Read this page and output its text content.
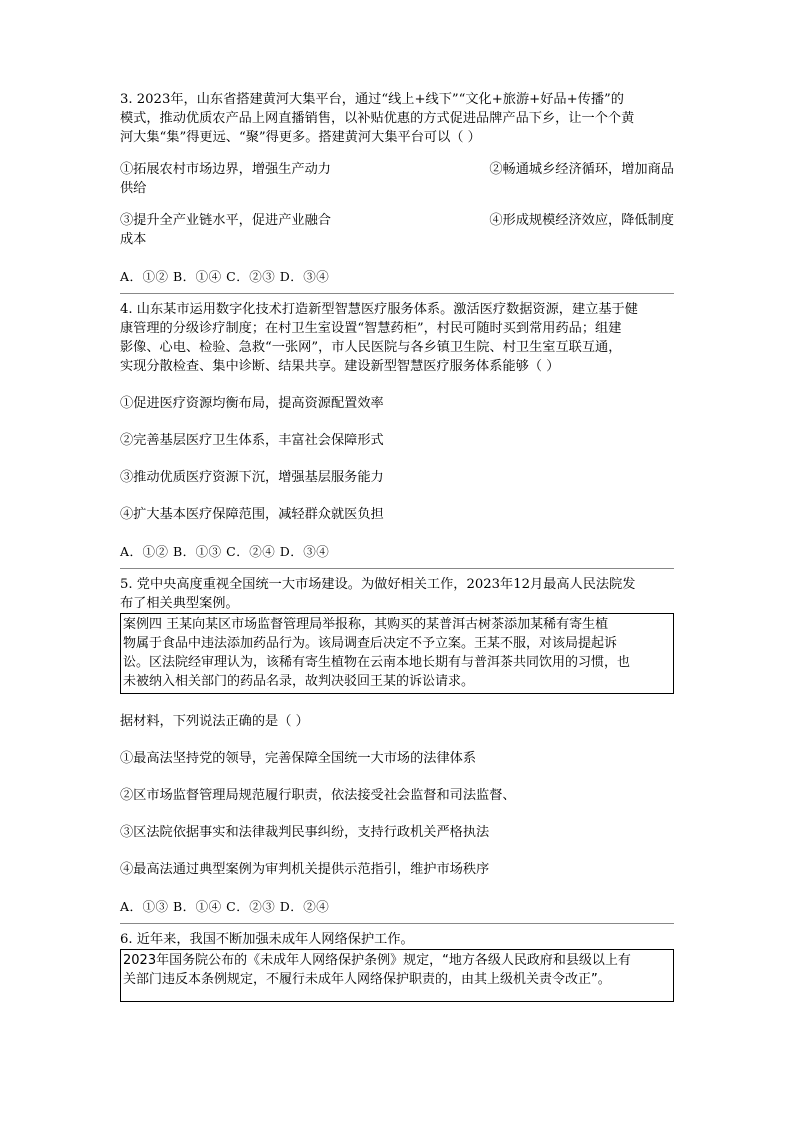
3. 2023年，山东省搭建黄河大集平台，通过“线上+线下”“文化+旅游+好品+传播”的
模式，推动优质农产品上网直播销售，以补贴优惠的方式促进品牌产品下乡，让一个个黄
河大集“集”得更远、“聚”得更多。搭建黄河大集平台可以（ ）
①拓展农村市场边界，增强生产动力	②畅通城乡经济循环，增加商品
供给
③提升全产业链水平，促进产业融合	④形成规模经济效应，降低制度
成本
A．①② B．①④ C．②③ D．③④
4. 山东某市运用数字化技术打造新型智慧医疗服务体系。激活医疗数据资源，建立基于健
康管理的分级诊疗制度；在村卫生室设置“智慧药柜”，村民可随时买到常用药品；组建
影像、心电、检验、急救“一张网”，市人民医院与各乡镇卫生院、村卫生室互联互通，
实现分散检查、集中诊断、结果共享。建设新型智慧医疗服务体系能够（ ）
①促进医疗资源均衡布局，提高资源配置效率
②完善基层医疗卫生体系，丰富社会保障形式
③推动优质医疗资源下沉，增强基层服务能力
④扩大基本医疗保障范围，减轻群众就医负担
A．①② B．①③ C．②④ D．③④
5. 党中央高度重视全国统一大市场建设。为做好相关工作，2023年12月最高人民法院发
布了相关典型案例。
案例四 王某向某区市场监督管理局举报称，其购买的某普洱古树茶添加某稀有寄生植
物属于食品中违法添加药品行为。该局调查后决定不予立案。王某不服，对该局提起诉
讼。区法院经审理认为，该稀有寄生植物在云南本地长期有与普洱茶共同饮用的习惯，也
未被纳入相关部门的药品名录，故判决驳回王某的诉讼请求。
据材料，下列说法正确的是（ ）
①最高法坚持党的领导，完善保障全国统一大市场的法律体系
②区市场监督管理局规范履行职责，依法接受社会监督和司法监督、
③区法院依据事实和法律裁判民事纠纷，支持行政机关严格执法
④最高法通过典型案例为审判机关提供示范指引，维护市场秩序
A．①③ B．①④ C．②③ D．②④
6. 近年来，我国不断加强未成年人网络保护工作。
2023年国务院公布的《未成年人网络保护条例》规定，“地方各级人民政府和县级以上有
关部门违反本条例规定，不履行未成年人网络保护职责的，由其上级机关责令改正”。
